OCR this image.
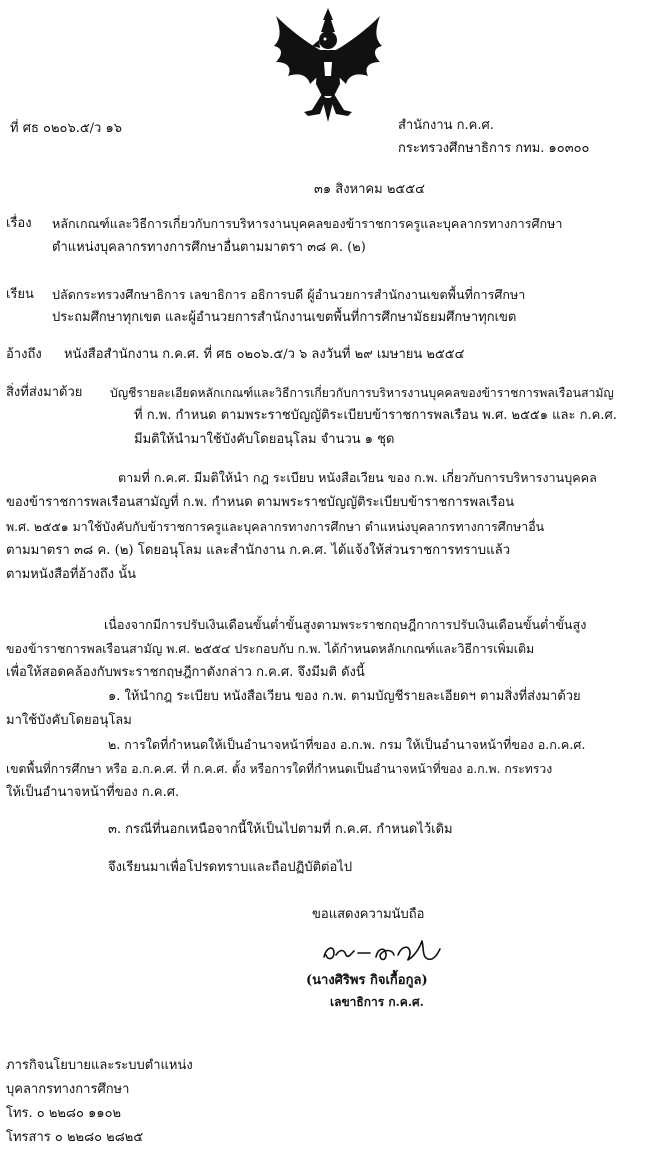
ที่ ศธ ๐๒๐๖.๕/ว ๑๖	สำนักงาน ก.ค.ศ.
กระทรวงศึกษาธิการ กทม. ๑๐๓๐๐
๓๑ สิงหาคม ๒๕๕๔
เรื่อง หลักเกณฑ์และวิธีการเกี่ยวกับการบริหารงานบุคคลของข้าราชการครูและบุคลากรทางการศึกษา
ตำแหน่งบุคลากรทางการศึกษาอื่นตามมาตรา ๓๘ ค. (๒)
เรียน ปลัดกระทรวงศึกษาธิการ เลขาธิการ อธิการบดี ผู้อำนวยการสำนักงานเขตพื้นที่การศึกษา
ประถมศึกษาทุกเขต และผู้อำนวยการสำนักงานเขตพื้นที่การศึกษามัธยมศึกษาทุกเขต
อ้างถึง หนังสือสำนักงาน ก.ค.ศ. ที่ ศธ ๐๒๐๖.๕/ว ๖ ลงวันที่ ๒๙ เมษายน ๒๕๕๔
สิ่งที่ส่งมาด้วย บัญชีรายละเอียดหลักเกณฑ์และวิธีการเกี่ยวกับการบริหารงานบุคคลของข้าราชการพลเรือนสามัญ
ที่ ก.พ. กำหนด ตามพระราชบัญญัติระเบียบข้าราชการพลเรือน พ.ศ. ๒๕๕๑ และ ก.ค.ศ.
มีมติให้นำมาใช้บังคับโดยอนุโลม จำนวน ๑ ชุด
ตามที่ ก.ค.ศ. มีมติให้นำ กฎ ระเบียบ หนังสือเวียน ของ ก.พ. เกี่ยวกับการบริหารงานบุคคล
ของข้าราชการพลเรือนสามัญที่ ก.พ. กำหนด ตามพระราชบัญญัติระเบียบข้าราชการพลเรือน
พ.ศ. ๒๕๕๑ มาใช้บังคับกับข้าราชการครูและบุคลากรทางการศึกษา ตำแหน่งบุคลากรทางการศึกษาอื่น
ตามมาตรา ๓๘ ค. (๒) โดยอนุโลม และสำนักงาน ก.ค.ศ. ได้แจ้งให้ส่วนราชการทราบแล้ว
ตามหนังสือที่อ้างถึง นั้น
เนื่องจากมีการปรับเงินเดือนขั้นต่ำขั้นสูงตามพระราชกฤษฎีกาการปรับเงินเดือนขั้นต่ำขั้นสูง
ของข้าราชการพลเรือนสามัญ พ.ศ. ๒๕๕๔ ประกอบกับ ก.พ. ได้กำหนดหลักเกณฑ์และวิธีการเพิ่มเติม
เพื่อให้สอดคล้องกับพระราชกฤษฎีกาดังกล่าว ก.ค.ศ. จึงมีมติ ดังนี้
๑. ให้นำกฎ ระเบียบ หนังสือเวียน ของ ก.พ. ตามบัญชีรายละเอียดฯ ตามสิ่งที่ส่งมาด้วย
มาใช้บังคับโดยอนุโลม
๒. การใดที่กำหนดให้เป็นอำนาจหน้าที่ของ อ.ก.พ. กรม ให้เป็นอำนาจหน้าที่ของ อ.ก.ค.ศ.
เขตพื้นที่การศึกษา หรือ อ.ก.ค.ศ. ที่ ก.ค.ศ. ตั้ง หรือการใดที่กำหนดเป็นอำนาจหน้าที่ของ อ.ก.พ. กระทรวง
ให้เป็นอำนาจหน้าที่ของ ก.ค.ศ.
๓. กรณีที่นอกเหนือจากนี้ให้เป็นไปตามที่ ก.ค.ศ. กำหนดไว้เดิม
จึงเรียนมาเพื่อโปรดทราบและถือปฏิบัติต่อไป
ขอแสดงความนับถือ
(นางศิริพร กิจเกื้อกูล)
เลขาธิการ ก.ค.ศ.
ภารกิจนโยบายและระบบตำแหน่ง
บุคลากรทางการศึกษา
โทร. ๐ ๒๒๘๐ ๑๑๐๒
โทรสาร ๐ ๒๒๘๐ ๒๘๒๕
